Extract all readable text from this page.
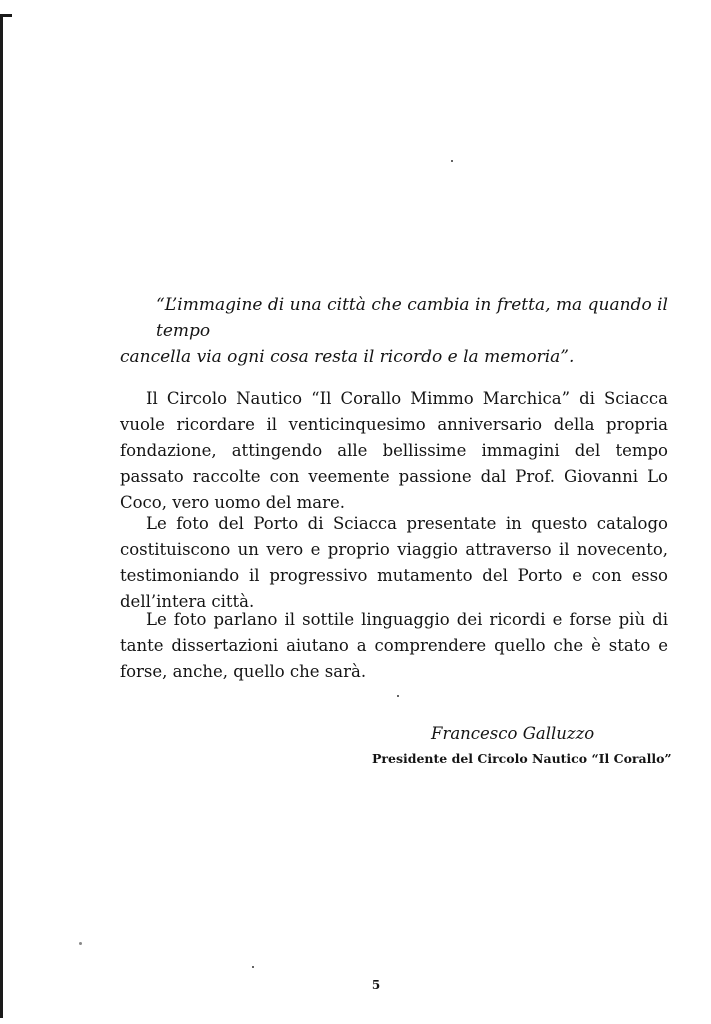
“L’immagine di una città che cambia in fretta, ma quando il tempo
cancella via ogni cosa resta il ricordo e la memoria”.

Il Circolo Nautico “Il Corallo Mimmo Marchica” di Sciacca vuole ricordare il venticinquesimo anniversario della propria fondazione, attingendo alle bellissime immagini del tempo passato raccolte con veemente passione dal Prof. Giovanni Lo Coco, vero uomo del mare.

Le foto del Porto di Sciacca presentate in questo catalogo costituiscono un vero e proprio viaggio attraverso il novecento, testimoniando il progressivo mutamento del Porto e con esso dell’intera città.

Le foto parlano il sottile linguaggio dei ricordi e forse più di tante dissertazioni aiutano a comprendere quello che è stato e forse, anche, quello che sarà.

Francesco Galluzzo
Presidente del Circolo Nautico “Il Corallo”
5
